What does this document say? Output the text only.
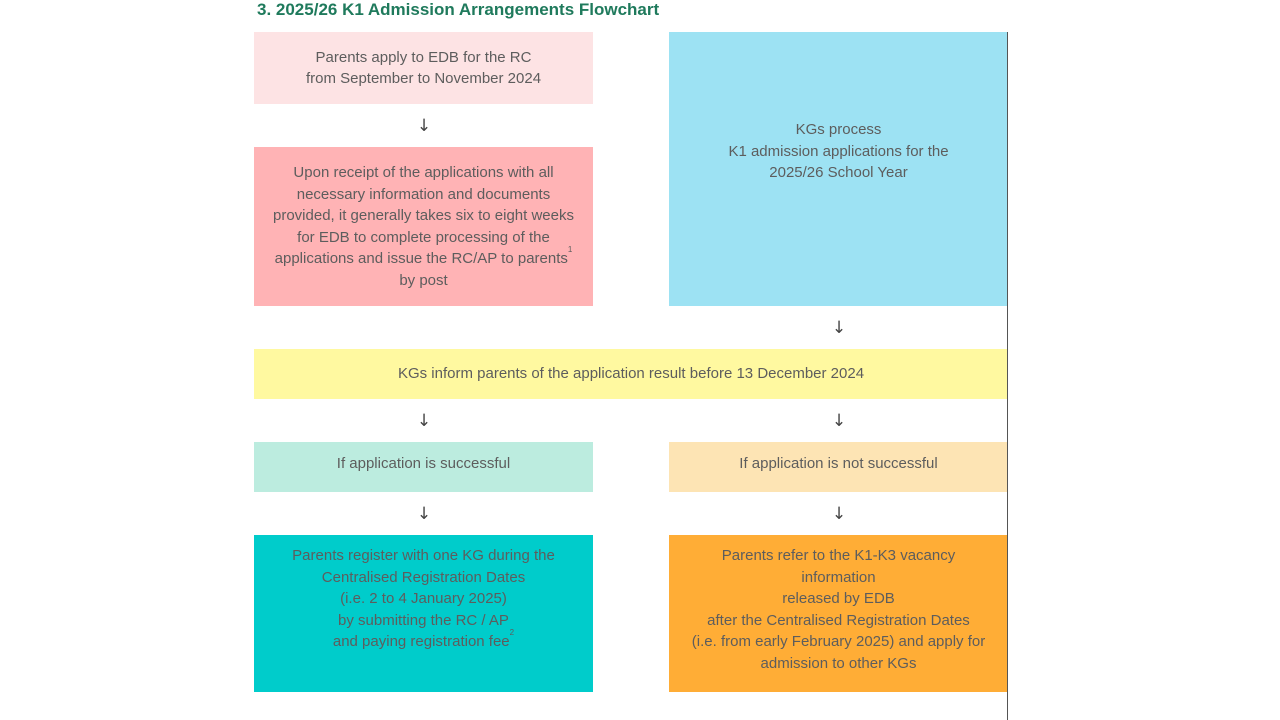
3. 2025/26 K1 Admission Arrangements Flowchart
Parents apply to EDB for the RC
from September to November 2024
↓
Upon receipt of the applications with all
necessary information and documents
provided, it generally takes six to eight weeks
for EDB to complete processing of the
applications and issue the RC/AP to parents$^1$
by post
KGs process
K1 admission applications for the
2025/26 School Year
↓
KGs inform parents of the application result before 13 December 2024
↓	↓
If application is successful	If application is not successful
↓	↓
Parents register with one KG during the
Centralised Registration Dates
(i.e. 2 to 4 January 2025)
by submitting the RC / AP
and paying registration fee$^2$
Parents refer to the K1-K3 vacancy
information
released by EDB
after the Centralised Registration Dates
(i.e. from early February 2025) and apply for
admission to other KGs
